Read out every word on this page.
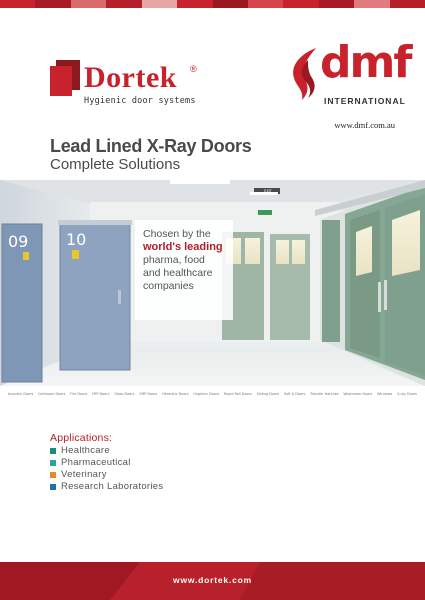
Dortek ®
Hygienic door systems
dmf
INTERNATIONAL
www.dmf.com.au
Lead Lined X-Ray Doors
Complete Solutions
09 10
EXIT
Chosen by the
world's leading
pharma, food
and healthcare
companies
Acoustic Doors Coldroom Doors Fire Doors FRP Doors Glass Doors GRP Doors Hermetic Doors Hygienic Doors Rapid Roll Doors Sliding Doors Soft & Doors Transfer Hatches Washroom Doors Windows X-ray Doors
Applications:
Healthcare
Pharmaceutical
Veterinary
Research Laboratories
www.dortek.com
